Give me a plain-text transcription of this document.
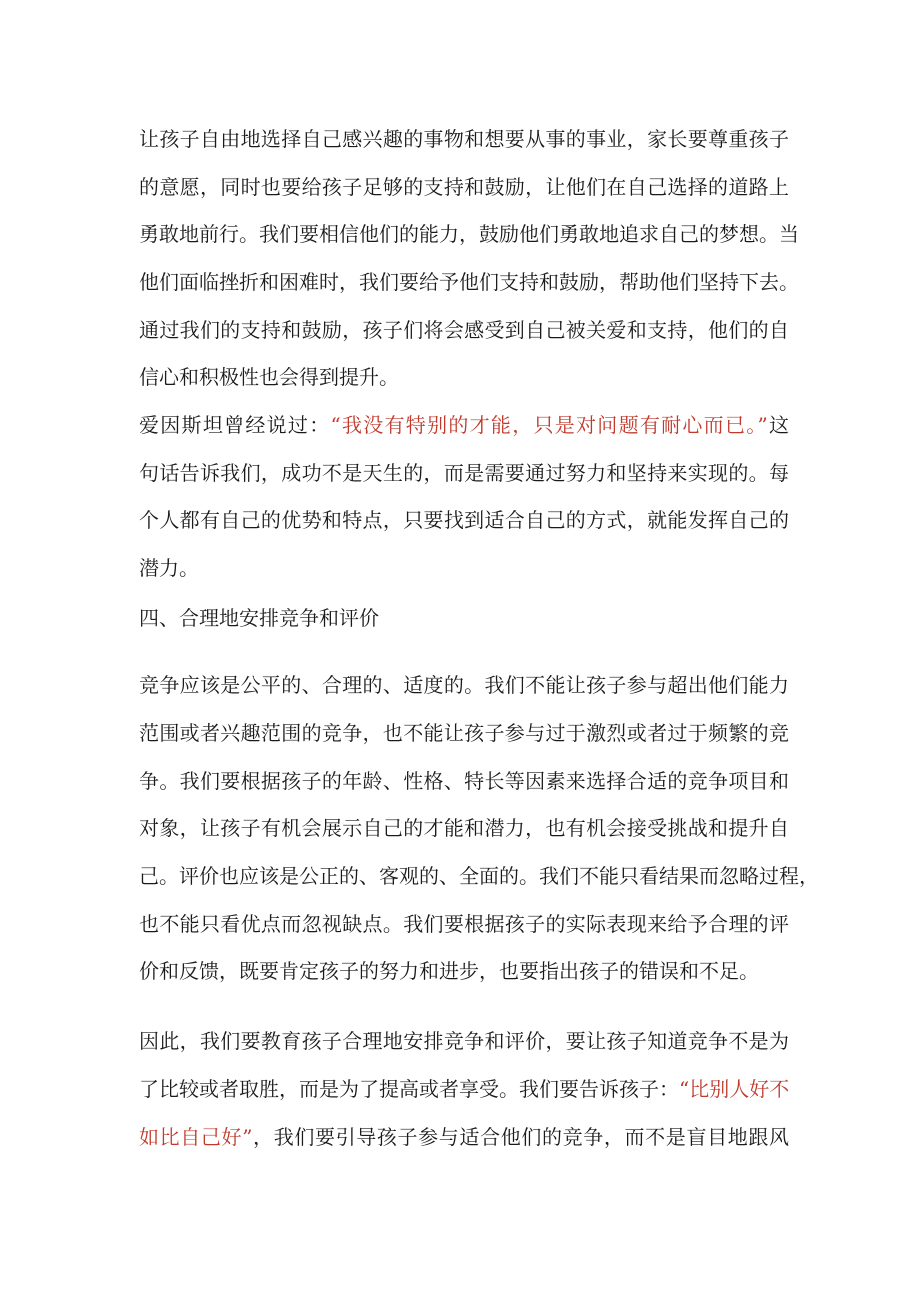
让孩子自由地选择自己感兴趣的事物和想要从事的事业，家长要尊重孩子
的意愿，同时也要给孩子足够的支持和鼓励，让他们在自己选择的道路上
勇敢地前行。我们要相信他们的能力，鼓励他们勇敢地追求自己的梦想。当
他们面临挫折和困难时，我们要给予他们支持和鼓励，帮助他们坚持下去。
通过我们的支持和鼓励，孩子们将会感受到自己被关爱和支持，他们的自
信心和积极性也会得到提升。
爱因斯坦曾经说过：“我没有特别的才能，只是对问题有耐心而已。”这
句话告诉我们，成功不是天生的，而是需要通过努力和坚持来实现的。每
个人都有自己的优势和特点，只要找到适合自己的方式，就能发挥自己的
潜力。
四、合理地安排竞争和评价
竞争应该是公平的、合理的、适度的。我们不能让孩子参与超出他们能力
范围或者兴趣范围的竞争，也不能让孩子参与过于激烈或者过于频繁的竞
争。我们要根据孩子的年龄、性格、特长等因素来选择合适的竞争项目和
对象，让孩子有机会展示自己的才能和潜力，也有机会接受挑战和提升自
己。评价也应该是公正的、客观的、全面的。我们不能只看结果而忽略过程，
也不能只看优点而忽视缺点。我们要根据孩子的实际表现来给予合理的评
价和反馈，既要肯定孩子的努力和进步，也要指出孩子的错误和不足。
因此，我们要教育孩子合理地安排竞争和评价，要让孩子知道竞争不是为
了比较或者取胜，而是为了提高或者享受。我们要告诉孩子：“比别人好不
如比自己好”，我们要引导孩子参与适合他们的竞争，而不是盲目地跟风
